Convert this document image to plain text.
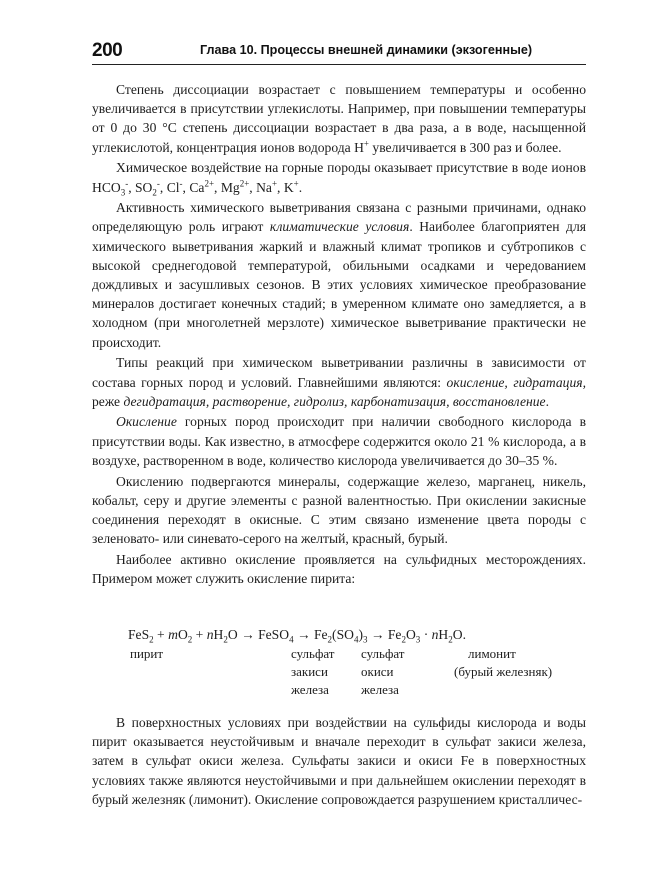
200	Глава 10. Процессы внешней динамики (экзогенные)

Степень диссоциации возрастает с повышением температуры и особенно увеличивается в присутствии углекислоты. Например, при повышении температуры от 0 до 30 °С степень диссоциации возрастает в два раза, а в воде, насыщенной углекислотой, концентрация ионов водорода H+ увеличивается в 300 раз и более.

Химическое воздействие на горные породы оказывает присутствие в воде ионов $HCO_3^-$, $SO_2^-$, Cl-, $Ca^{2+}$, $Mg^{2+}$, Na+, K+.

Активность химического выветривания связана с разными причинами, однако определяющую роль играют климатические условия. Наиболее благоприятен для химического выветривания жаркий и влажный климат тропиков и субтропиков с высокой среднегодовой температурой, обильными осадками и чередованием дождливых и засушливых сезонов. В этих условиях химическое преобразование минералов достигает конечных стадий; в умеренном климате оно замедляется, а в холодном (при многолетней мерзлоте) химическое выветривание практически не происходит.

Типы реакций при химическом выветривании различны в зависимости от состава горных пород и условий. Главнейшими являются: окисление, гидратация, реже дегидратация, растворение, гидролиз, карбонатизация, восстановление.

Окисление горных пород происходит при наличии свободного кислорода в присутствии воды. Как известно, в атмосфере содержится около 21 % кислорода, а в воздухе, растворенном в воде, количество кислорода увеличивается до 30–35 %.

Окислению подвергаются минералы, содержащие железо, марганец, никель, кобальт, серу и другие элементы с разной валентностью. При окислении закисные соединения переходят в окисные. С этим связано изменение цвета породы с зеленовато- или синевато-серого на желтый, красный, бурый.

Наиболее активно окисление проявляется на сульфидных месторождениях. Примером может служить окисление пирита:

$FeS_2 + mO_2 + nH_2O$ → FeSO$_4$ → $Fe_2(SO_4)_3 \to Fe_2O_3 \cdot nH_2O$.
пирит	сульфат
закиси
железа
сульфат
окиси
железа
лимонит
(бурый железняк)

В поверхностных условиях при воздействии на сульфиды кислорода и воды пирит оказывается неустойчивым и вначале переходит в сульфат закиси железа, затем в сульфат окиси железа. Сульфаты закиси и окиси Fe в поверхностных условиях также являются неустойчивыми и при дальнейшем окислении переходят в бурый железняк (лимонит). Окисление сопровождается разрушением кристалличес-
